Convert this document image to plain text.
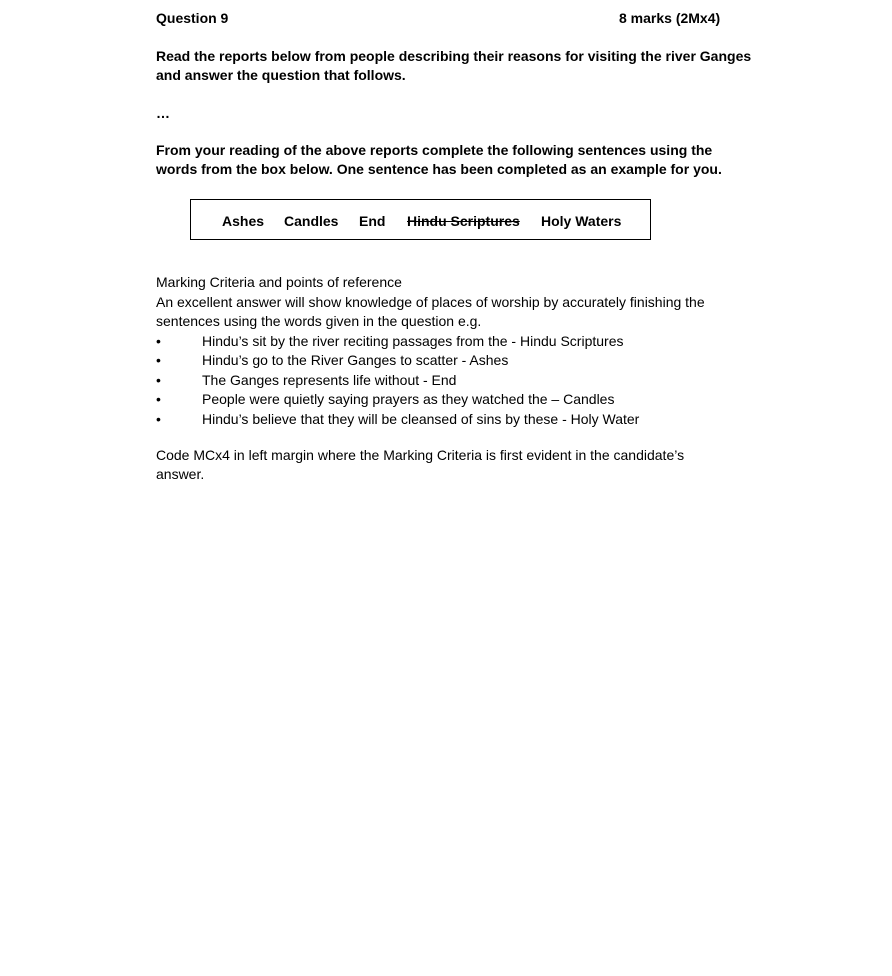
Question 9	8 marks (2Mx4)
Read the reports below from people describing their reasons for visiting the river Ganges and answer the question that follows.
…
From your reading of the above reports complete the following sentences using the words from the box below. One sentence has been completed as an example for you.
Ashes Candles End Hindu Scriptures Holy Waters
Marking Criteria and points of reference
An excellent answer will show knowledge of places of worship by accurately finishing the sentences using the words given in the question e.g.
•	Hindu’s sit by the river reciting passages from the - Hindu Scriptures
•	Hindu’s go to the River Ganges to scatter - Ashes
•	The Ganges represents life without - End
•	People were quietly saying prayers as they watched the – Candles
•	Hindu’s believe that they will be cleansed of sins by these - Holy Water
Code MCx4 in left margin where the Marking Criteria is first evident in the candidate’s answer.
